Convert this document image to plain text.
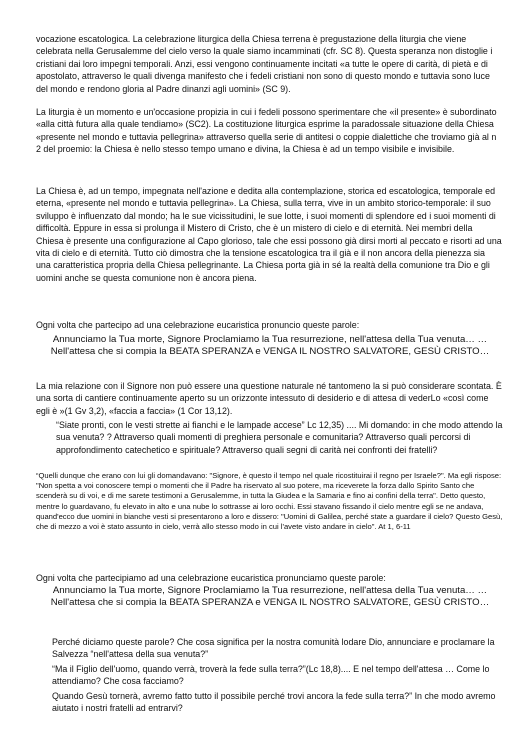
vocazione escatologica. La celebrazione liturgica della Chiesa terrena è pregustazione della liturgia che viene celebrata nella Gerusalemme del cielo verso la quale siamo incamminati (cfr. SC 8). Questa speranza non distoglie i cristiani dai loro impegni temporali. Anzi, essi vengono continuamente incitati «a tutte le opere di carità, di pietà e di apostolato, attraverso le quali divenga manifesto che i fedeli cristiani non sono di questo mondo e tuttavia sono luce del mondo e rendono gloria al Padre dinanzi agli uomini» (SC 9).

La liturgia è un momento e un'occasione propizia in cui i fedeli possono sperimentare che «il presente» è subordinato «alla città futura alla quale tendiamo» (SC2). La costituzione liturgica esprime la paradossale situazione della Chiesa «presente nel mondo e tuttavia pellegrina» attraverso quella serie di antitesi o coppie dialettiche che troviamo già al n 2 del proemio: la Chiesa è nello stesso tempo umano e divina, la Chiesa è ad un tempo visibile e invisibile.

La Chiesa è, ad un tempo, impegnata nell'azione e dedita alla contemplazione, storica ed escatologica, temporale ed eterna, «presente nel mondo e tuttavia pellegrina». La Chiesa, sulla terra, vive in un ambito storico-temporale: il suo sviluppo è influenzato dal mondo; ha le sue vicissitudini, le sue lotte, i suoi momenti di splendore ed i suoi momenti di difficoltà. Eppure in essa si prolunga il Mistero di Cristo, che è un mistero di cielo e di eternità. Nei membri della Chiesa è presente una configurazione al Capo glorioso, tale che essi possono già dirsi morti al peccato e risorti ad una vita di cielo e di eternità. Tutto ciò dimostra che la tensione escatologica tra il già e il non ancora della pienezza sia una caratteristica propria della Chiesa pellegrinante. La Chiesa porta già in sé la realtà della comunione tra Dio e gli uomini anche se questa comunione non è ancora piena.

Ogni volta che partecipo ad una celebrazione eucaristica pronuncio queste parole:

Annunciamo la Tua morte, Signore Proclamiamo la Tua resurrezione, nell'attesa della Tua venuta… …Nell'attesa che si compia la BEATA SPERANZA e VENGA IL NOSTRO SALVATORE, GESÙ CRISTO…

La mia relazione con il Signore non può essere una questione naturale né tantomeno la si può considerare scontata. È una sorta di cantiere continuamente aperto su un orizzonte intessuto di desiderio e di attesa di vederLo «così come egli è »(1 Gv 3,2), «faccia a faccia» (1 Cor 13,12).

“Siate pronti, con le vesti strette ai fianchi e le lampade accese” Lc 12,35) .... Mi domando: in che modo attendo la sua venuta? ? Attraverso quali momenti di preghiera personale e comunitaria? Attraverso quali percorsi di approfondimento catechetico e spirituale? Attraverso quali segni di carità nei confronti dei fratelli?

“Quelli dunque che erano con lui gli domandavano: "Signore, è questo il tempo nel quale ricostituirai il regno per Israele?". Ma egli rispose: "Non spetta a voi conoscere tempi o momenti che il Padre ha riservato al suo potere, ma riceverete la forza dallo Spirito Santo che scenderà su di voi, e di me sarete testimoni a Gerusalemme, in tutta la Giudea e la Samaria e fino ai confini della terra". Detto questo, mentre lo guardavano, fu elevato in alto e una nube lo sottrasse ai loro occhi. Essi stavano fissando il cielo mentre egli se ne andava, quand'ecco due uomini in bianche vesti si presentarono a loro e dissero: "Uomini di Galilea, perché state a guardare il cielo? Questo Gesù, che di mezzo a voi è stato assunto in cielo, verrà allo stesso modo in cui l'avete visto andare in cielo". At 1, 6-11

Ogni volta che partecipiamo ad una celebrazione eucaristica pronunciamo queste parole:

Annunciamo la Tua morte, Signore Proclamiamo la Tua resurrezione, nell'attesa della Tua venuta… …Nell'attesa che si compia la BEATA SPERANZA e VENGA IL NOSTRO SALVATORE, GESÙ CRISTO…

Perché diciamo queste parole? Che cosa significa per la nostra comunità lodare Dio, annunciare e proclamare la Salvezza “nell'attesa della sua venuta?”

“Ma il Figlio dell'uomo, quando verrà, troverà la fede sulla terra?”(Lc 18,8).... E nel tempo dell'attesa … Come lo attendiamo? Che cosa facciamo?

Quando Gesù tornerà, avremo fatto tutto il possibile perché trovi ancora la fede sulla terra?” In che modo avremo aiutato i nostri fratelli ad entrarvi?
